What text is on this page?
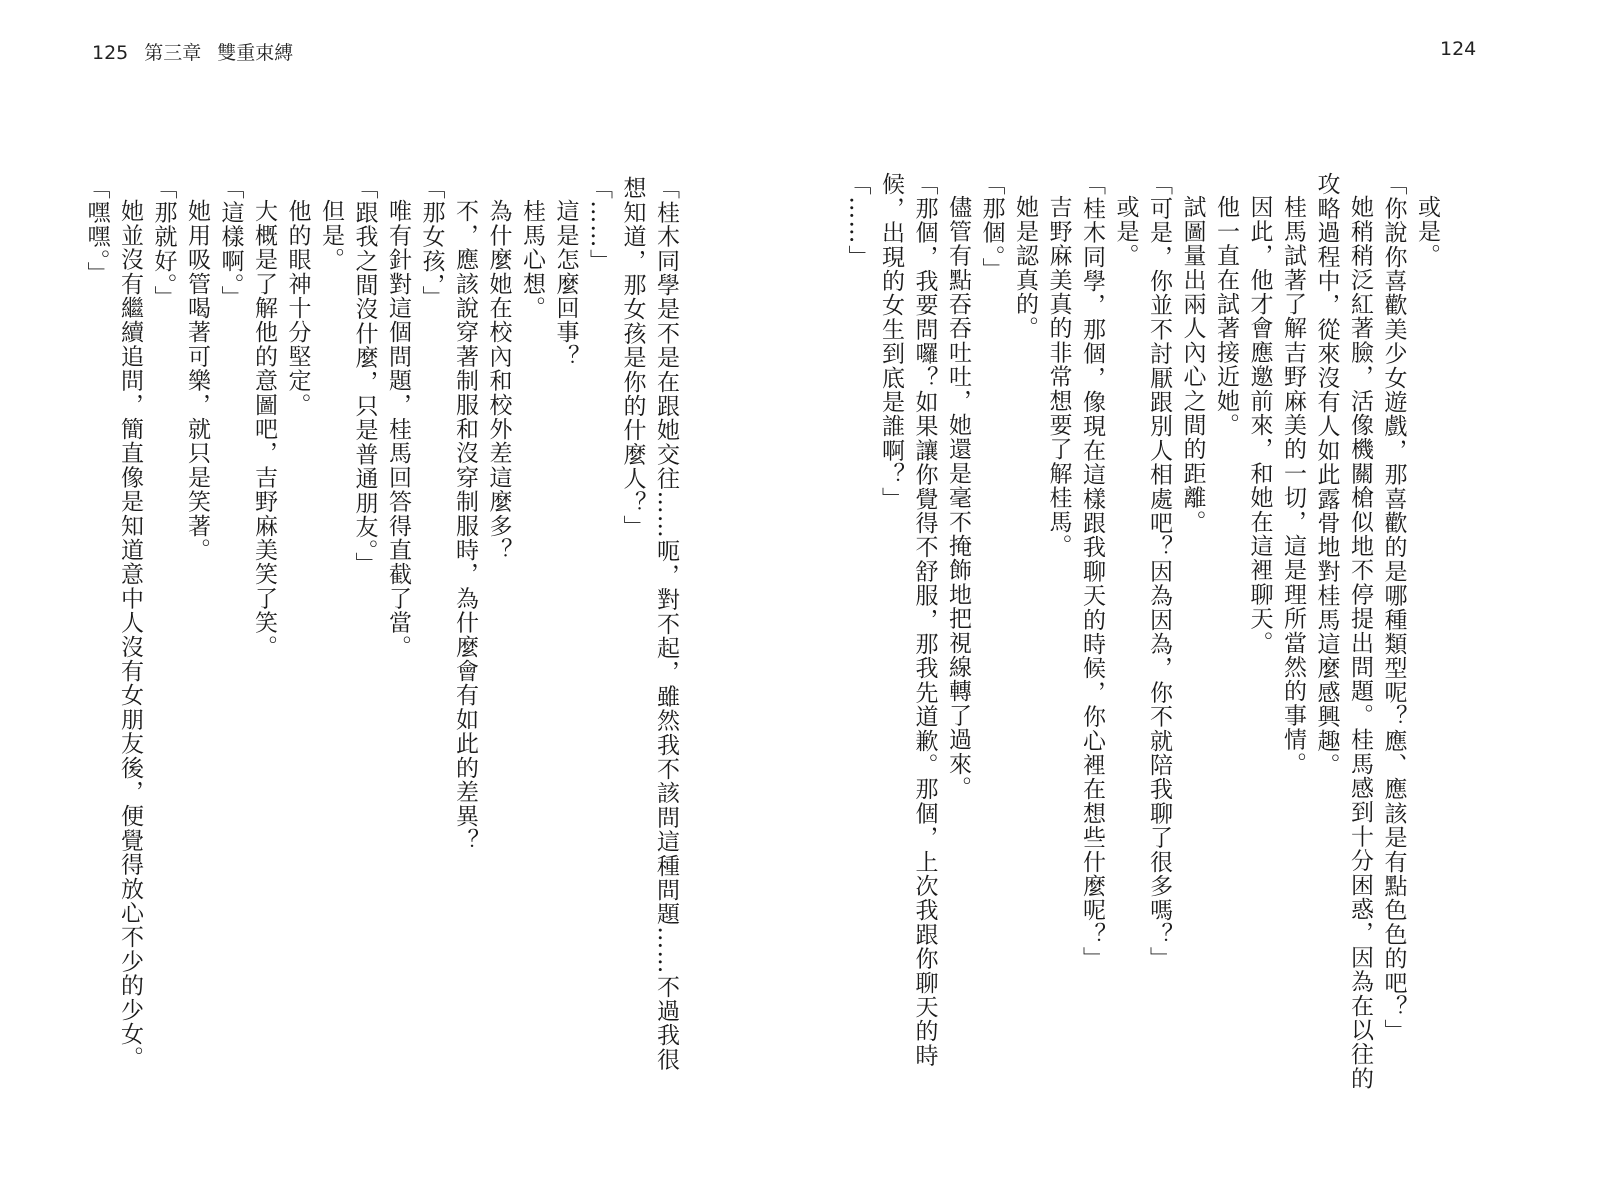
125 第三章 雙重束縛	124

或是。

「你說你喜歡美少女遊戲，那喜歡的是哪種類型呢？應、應該是有點色色的吧？」

她稍稍泛紅著臉，活像機關槍似地不停提出問題。桂馬感到十分困惑，因為在以往的

攻略過程中，從來沒有人如此露骨地對桂馬這麼感興趣。

桂馬試著了解吉野麻美的一切，這是理所當然的事情。

因此，他才會應邀前來，和她在這裡聊天。

他一直在試著接近她。

試圖量出兩人內心之間的距離。

「可是，你並不討厭跟別人相處吧？因為因為，你不就陪我聊了很多嗎？」

或是。

「桂木同學，那個，像現在這樣跟我聊天的時候，你心裡在想些什麼呢？」

吉野麻美真的非常想要了解桂馬。

她是認真的。

「那個。」

儘管有點吞吞吐吐，她還是毫不掩飾地把視線轉了過來。

「那個，我要問囉？如果讓你覺得不舒服，那我先道歉。那個，上次我跟你聊天的時

候，出現的女生到底是誰啊？」

「……」

「桂木同學是不是在跟她交往……呃，對不起，雖然我不該問這種問題……不過我很

想知道，那女孩是你的什麼人？」

「……」

這是怎麼回事？

桂馬心想。

為什麼她在校內和校外差這麼多？

不，應該說穿著制服和沒穿制服時，為什麼會有如此的差異？

「那女孩，」

唯有針對這個問題，桂馬回答得直截了當。

「跟我之間沒什麼，只是普通朋友。」

但是。

他的眼神十分堅定。

大概是了解他的意圖吧，吉野麻美笑了笑。

「這樣啊。」

她用吸管喝著可樂，就只是笑著。

「那就好。」

她並沒有繼續追問，簡直像是知道意中人沒有女朋友後，便覺得放心不少的少女。

「嘿嘿。」
